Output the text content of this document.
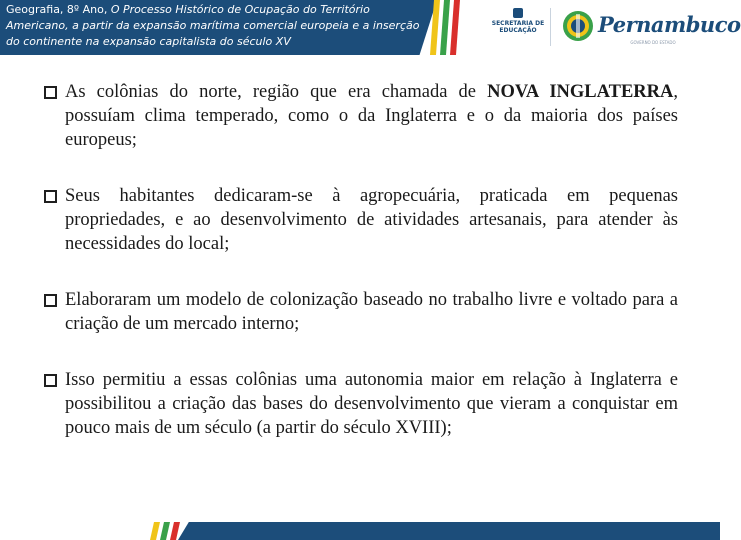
Geografia, 8º Ano, O Processo Histórico de Ocupação do Território Americano, a partir da expansão marítima comercial europeia e a inserção do continente na expansão capitalista do século XV
SECRETARIA DE EDUCAÇÃO	Pernambuco
GOVERNO DO ESTADO

As colônias do norte, região que era chamada de NOVA INGLATERRA, possuíam clima temperado, como o da Inglaterra e o da maioria dos países europeus;

Seus habitantes dedicaram-se à agropecuária, praticada em pequenas propriedades, e ao desenvolvimento de atividades artesanais, para atender às necessidades do local;

Elaboraram um modelo de colonização baseado no trabalho livre e voltado para a criação de um mercado interno;

Isso permitiu a essas colônias uma autonomia maior em relação à Inglaterra e possibilitou a criação das bases do desenvolvimento que vieram a conquistar em pouco mais de um século (a partir do século XVIII);
